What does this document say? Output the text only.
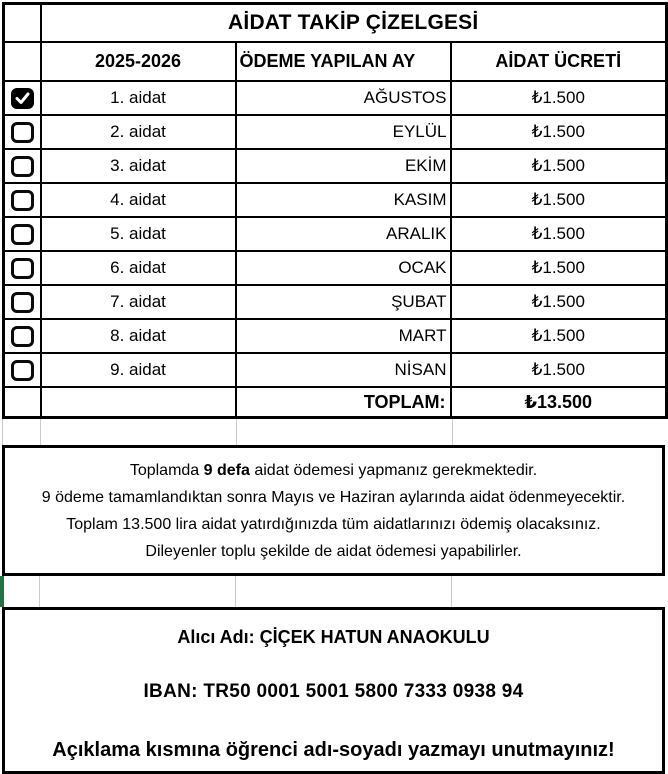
	AİDAT TAKİP ÇİZELGESİ		
	2025-2026	ÖDEME YAPILAN AY	AİDAT ÜCRETİ

	1. aidat	AĞUSTOS	₺1.500
	2. aidat	EYLÜL	₺1.500
	3. aidat	EKİM	₺1.500
	4. aidat	KASIM	₺1.500
	5. aidat	ARALIK	₺1.500
	6. aidat	OCAK	₺1.500
	7. aidat	ŞUBAT	₺1.500
	8. aidat	MART	₺1.500
	9. aidat	NİSAN	₺1.500
		TOPLAM:	₺13.500
Toplamda 9 defa aidat ödemesi yapmanız gerekmektedir.
9 ödeme tamamlandıktan sonra Mayıs ve Haziran aylarında aidat ödenmeyecektir.
Toplam 13.500 lira aidat yatırdığınızda tüm aidatlarınızı ödemiş olacaksınız.
Dileyenler toplu şekilde de aidat ödemesi yapabilirler.
Alıcı Adı: ÇİÇEK HATUN ANAOKULU
IBAN: TR50 0001 5001 5800 7333 0938 94
Açıklama kısmına öğrenci adı-soyadı yazmayı unutmayınız!
